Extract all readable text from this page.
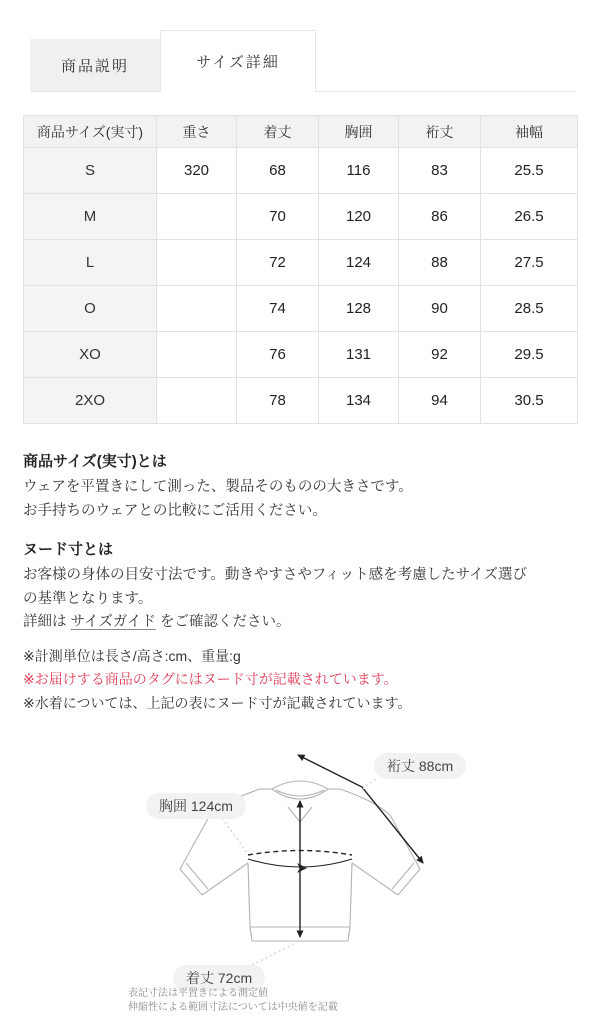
商品説明	サイズ詳細
商品サイズ(実寸)	重さ	着丈	胸囲	裄丈	袖幅
S	320	68	116	83	25.5
M		70	120	86	26.5
L		72	124	88	27.5
O		74	128	90	28.5
XO		76	131	92	29.5
2XO		78	134	94	30.5
商品サイズ(実寸)とは
ウェアを平置きにして測った、製品そのものの大きさです。
お手持ちのウェアとの比較にご活用ください。
ヌード寸とは
お客様の身体の目安寸法です。動きやすさやフィット感を考慮したサイズ選び
の基準となります。
詳細は サイズガイド をご確認ください。
※計測単位は長さ/高さ:cm、重量:g
※お届けする商品のタグにはヌード寸が記載されています。
※水着については、上記の表にヌード寸が記載されています。
裄丈 88cm
胸囲 124cm
着丈 72cm
表記寸法は平置きによる測定値
伸縮性による範囲寸法については中央値を記載
